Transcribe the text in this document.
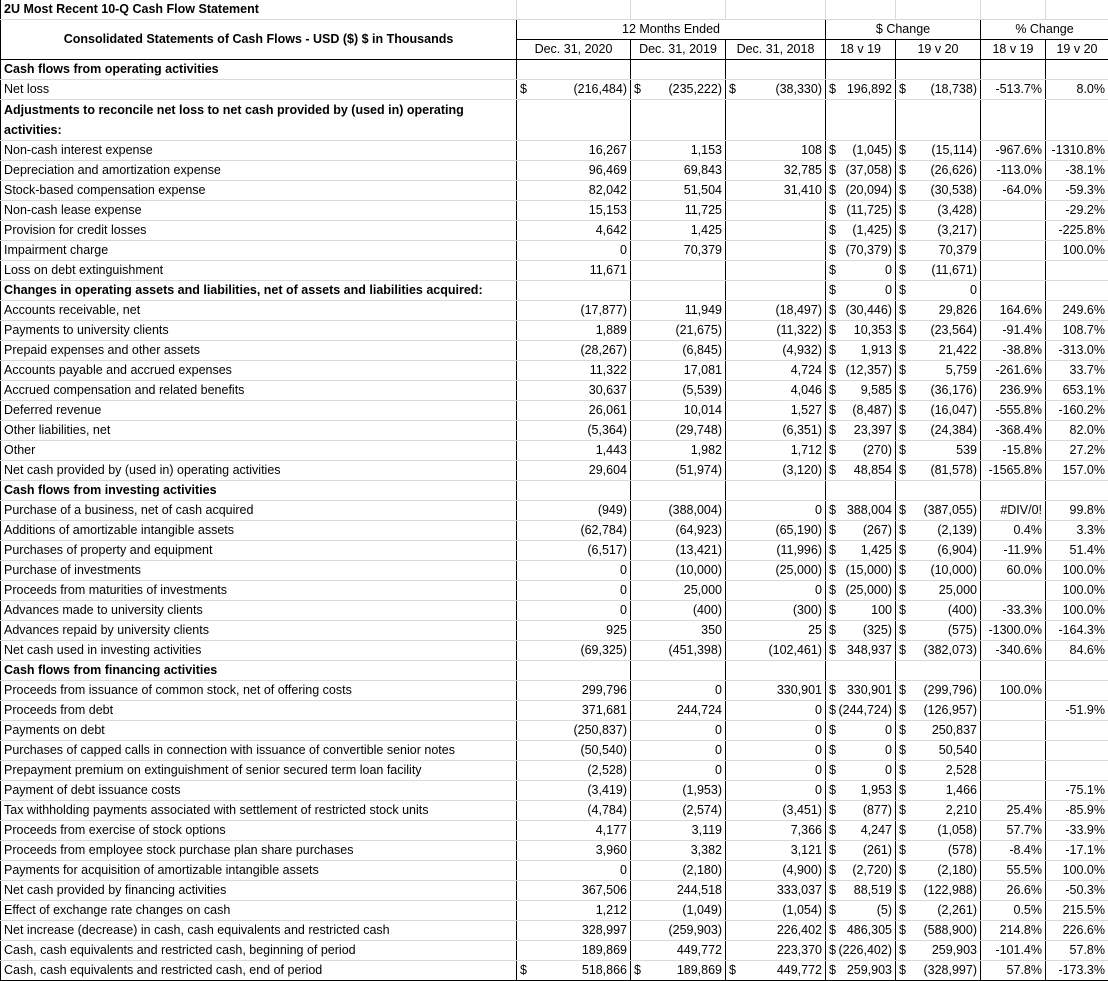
2U Most Recent 10-Q Cash Flow Statement							
Consolidated Statements of Cash Flows - USD ($) $ in Thousands	12 Months Ended			$ Change		% Change	
	Dec. 31, 2020	Dec. 31, 2019	Dec. 31, 2018	18 v 19	19 v 20	18 v 19	19 v 20
Cash flows from operating activities							
Net loss	$ (216,484)	$ (235,222)	$ (38,330)	$ 196,892	$ (18,738)	-513.7%	8.0%
Adjustments to reconcile net loss to net cash provided by (used in) operating activities:							
Non-cash interest expense	16,267	1,153	108	$ (1,045)	$ (15,114)	-967.6%	-1310.8%
Depreciation and amortization expense	96,469	69,843	32,785	$ (37,058)	$ (26,626)	-113.0%	-38.1%
Stock-based compensation expense	82,042	51,504	31,410	$ (20,094)	$ (30,538)	-64.0%	-59.3%
Non-cash lease expense	15,153	11,725		$ (11,725)	$ (3,428)		-29.2%
Provision for credit losses	4,642	1,425		$ (1,425)	$ (3,217)		-225.8%
Impairment charge	0	70,379		$ (70,379)	$ 70,379		100.0%
Loss on debt extinguishment	11,671			$ 0	$ (11,671)		
Changes in operating assets and liabilities, net of assets and liabilities acquired:				$ 0	$ 0		
Accounts receivable, net	(17,877)	11,949	(18,497)	$ (30,446)	$ 29,826	164.6%	249.6%
Payments to university clients	1,889	(21,675)	(11,322)	$ 10,353	$ (23,564)	-91.4%	108.7%
Prepaid expenses and other assets	(28,267)	(6,845)	(4,932)	$ 1,913	$ 21,422	-38.8%	-313.0%
Accounts payable and accrued expenses	11,322	17,081	4,724	$ (12,357)	$ 5,759	-261.6%	33.7%
Accrued compensation and related benefits	30,637	(5,539)	4,046	$ 9,585	$ (36,176)	236.9%	653.1%
Deferred revenue	26,061	10,014	1,527	$ (8,487)	$ (16,047)	-555.8%	-160.2%
Other liabilities, net	(5,364)	(29,748)	(6,351)	$ 23,397	$ (24,384)	-368.4%	82.0%
Other	1,443	1,982	1,712	$ (270)	$ 539	-15.8%	27.2%
Net cash provided by (used in) operating activities	29,604	(51,974)	(3,120)	$ 48,854	$ (81,578)	-1565.8%	157.0%
Cash flows from investing activities							
Purchase of a business, net of cash acquired	(949)	(388,004)	0	$ 388,004	$ (387,055)	#DIV/0!	99.8%
Additions of amortizable intangible assets	(62,784)	(64,923)	(65,190)	$ (267)	$ (2,139)	0.4%	3.3%
Purchases of property and equipment	(6,517)	(13,421)	(11,996)	$ 1,425	$ (6,904)	-11.9%	51.4%
Purchase of investments	0	(10,000)	(25,000)	$ (15,000)	$ (10,000)	60.0%	100.0%
Proceeds from maturities of investments	0	25,000	0	$ (25,000)	$ 25,000		100.0%
Advances made to university clients	0	(400)	(300)	$ 100	$ (400)	-33.3%	100.0%
Advances repaid by university clients	925	350	25	$ (325)	$ (575)	-1300.0%	-164.3%
Net cash used in investing activities	(69,325)	(451,398)	(102,461)	$ 348,937	$ (382,073)	-340.6%	84.6%
Cash flows from financing activities							
Proceeds from issuance of common stock, net of offering costs	299,796	0	330,901	$ 330,901	$ (299,796)	100.0%	
Proceeds from debt	371,681	244,724	0	$ (244,724)	$ (126,957)		-51.9%
Payments on debt	(250,837)	0	0	$ 0	$ 250,837		
Purchases of capped calls in connection with issuance of convertible senior notes	(50,540)	0	0	$ 0	$ 50,540		
Prepayment premium on extinguishment of senior secured term loan facility	(2,528)	0	0	$ 0	$ 2,528		
Payment of debt issuance costs	(3,419)	(1,953)	0	$ 1,953	$ 1,466		-75.1%
Tax withholding payments associated with settlement of restricted stock units	(4,784)	(2,574)	(3,451)	$ (877)	$ 2,210	25.4%	-85.9%
Proceeds from exercise of stock options	4,177	3,119	7,366	$ 4,247	$ (1,058)	57.7%	-33.9%
Proceeds from employee stock purchase plan share purchases	3,960	3,382	3,121	$ (261)	$ (578)	-8.4%	-17.1%
Payments for acquisition of amortizable intangible assets	0	(2,180)	(4,900)	$ (2,720)	$ (2,180)	55.5%	100.0%
Net cash provided by financing activities	367,506	244,518	333,037	$ 88,519	$ (122,988)	26.6%	-50.3%
Effect of exchange rate changes on cash	1,212	(1,049)	(1,054)	$ (5)	$ (2,261)	0.5%	215.5%
Net increase (decrease) in cash, cash equivalents and restricted cash	328,997	(259,903)	226,402	$ 486,305	$ (588,900)	214.8%	226.6%
Cash, cash equivalents and restricted cash, beginning of period	189,869	449,772	223,370	$ (226,402)	$ 259,903	-101.4%	57.8%
Cash, cash equivalents and restricted cash, end of period	$ 518,866	$ 189,869	$ 449,772	$ 259,903	$ (328,997)	57.8%	-173.3%
